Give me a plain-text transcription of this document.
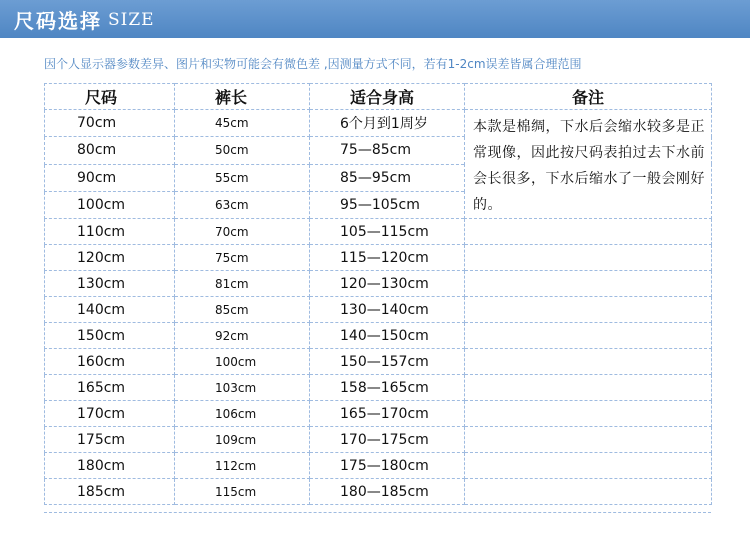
尺码选择 SIZE
因个人显示器参数差异、图片和实物可能会有微色差 ,因测量方式不同，若有1-2cm误差皆属合理范围
尺码	裤长	适合身高	备注
70cm	45cm	6个月到1周岁	本款是棉绸，下水后会缩水较多是正常现像，因此按尺码表拍过去下水前会长很多，下水后缩水了一般会刚好的。
80cm	50cm	75—85cm	
90cm	55cm	85—95cm	
100cm	63cm	95—105cm	
110cm	70cm	105—115cm	
120cm	75cm	115—120cm	
130cm	81cm	120—130cm	
140cm	85cm	130—140cm	
150cm	92cm	140—150cm	
160cm	100cm	150—157cm	
165cm	103cm	158—165cm	
170cm	106cm	165—170cm	
175cm	109cm	170—175cm	
180cm	112cm	175—180cm	
185cm	115cm	180—185cm	
